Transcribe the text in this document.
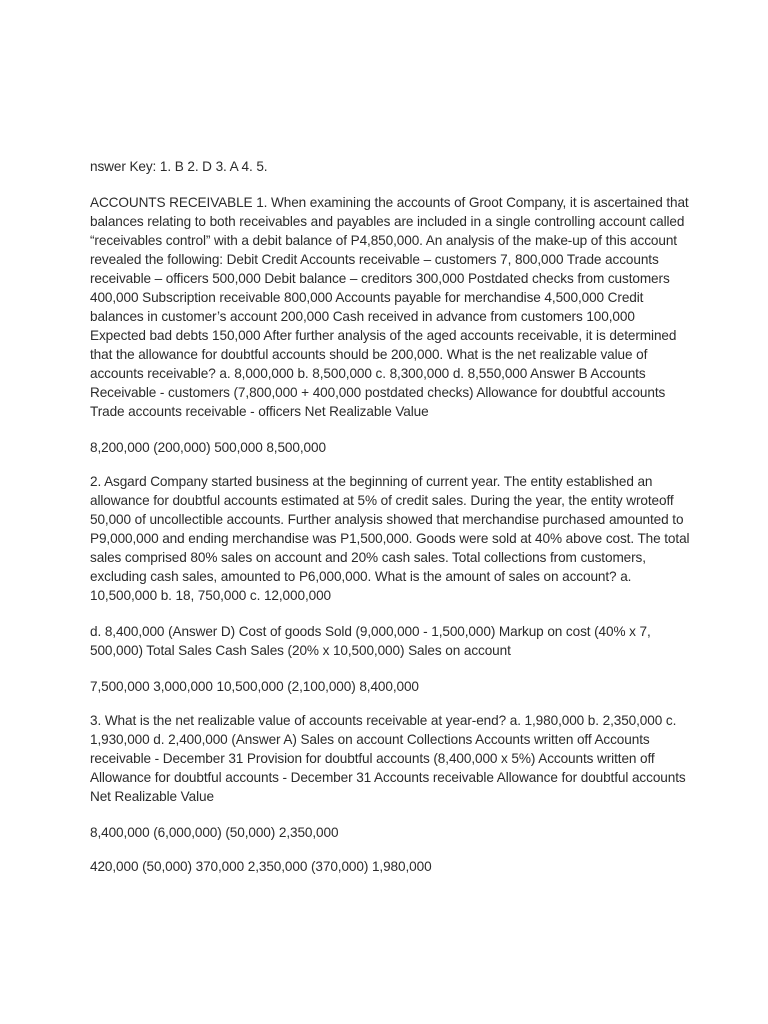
nswer Key: 1. B 2. D 3. A 4. 5.

ACCOUNTS RECEIVABLE 1. When examining the accounts of Groot Company, it is ascertained that balances relating to both receivables and payables are included in a single controlling account called “receivables control” with a debit balance of P4,850,000. An analysis of the make-up of this account revealed the following: Debit Credit Accounts receivable – customers 7, 800,000 Trade accounts receivable – officers 500,000 Debit balance – creditors 300,000 Postdated checks from customers 400,000 Subscription receivable 800,000 Accounts payable for merchandise 4,500,000 Credit balances in customer’s account 200,000 Cash received in advance from customers 100,000 Expected bad debts 150,000 After further analysis of the aged accounts receivable, it is determined that the allowance for doubtful accounts should be 200,000. What is the net realizable value of accounts receivable? a. 8,000,000 b. 8,500,000 c. 8,300,000 d. 8,550,000 Answer B Accounts Receivable - customers (7,800,000 + 400,000 postdated checks) Allowance for doubtful accounts Trade accounts receivable - officers Net Realizable Value

8,200,000 (200,000) 500,000 8,500,000

2. Asgard Company started business at the beginning of current year. The entity established an allowance for doubtful accounts estimated at 5% of credit sales. During the year, the entity wroteoff 50,000 of uncollectible accounts. Further analysis showed that merchandise purchased amounted to P9,000,000 and ending merchandise was P1,500,000. Goods were sold at 40% above cost. The total sales comprised 80% sales on account and 20% cash sales. Total collections from customers, excluding cash sales, amounted to P6,000,000. What is the amount of sales on account? a. 10,500,000 b. 18, 750,000 c. 12,000,000

d. 8,400,000 (Answer D) Cost of goods Sold (9,000,000 - 1,500,000) Markup on cost (40% x 7, 500,000) Total Sales Cash Sales (20% x 10,500,000) Sales on account

7,500,000 3,000,000 10,500,000 (2,100,000) 8,400,000

3. What is the net realizable value of accounts receivable at year-end? a. 1,980,000 b. 2,350,000 c. 1,930,000 d. 2,400,000 (Answer A) Sales on account Collections Accounts written off Accounts receivable - December 31 Provision for doubtful accounts (8,400,000 x 5%) Accounts written off Allowance for doubtful accounts - December 31 Accounts receivable Allowance for doubtful accounts Net Realizable Value

8,400,000 (6,000,000) (50,000) 2,350,000

420,000 (50,000) 370,000 2,350,000 (370,000) 1,980,000
